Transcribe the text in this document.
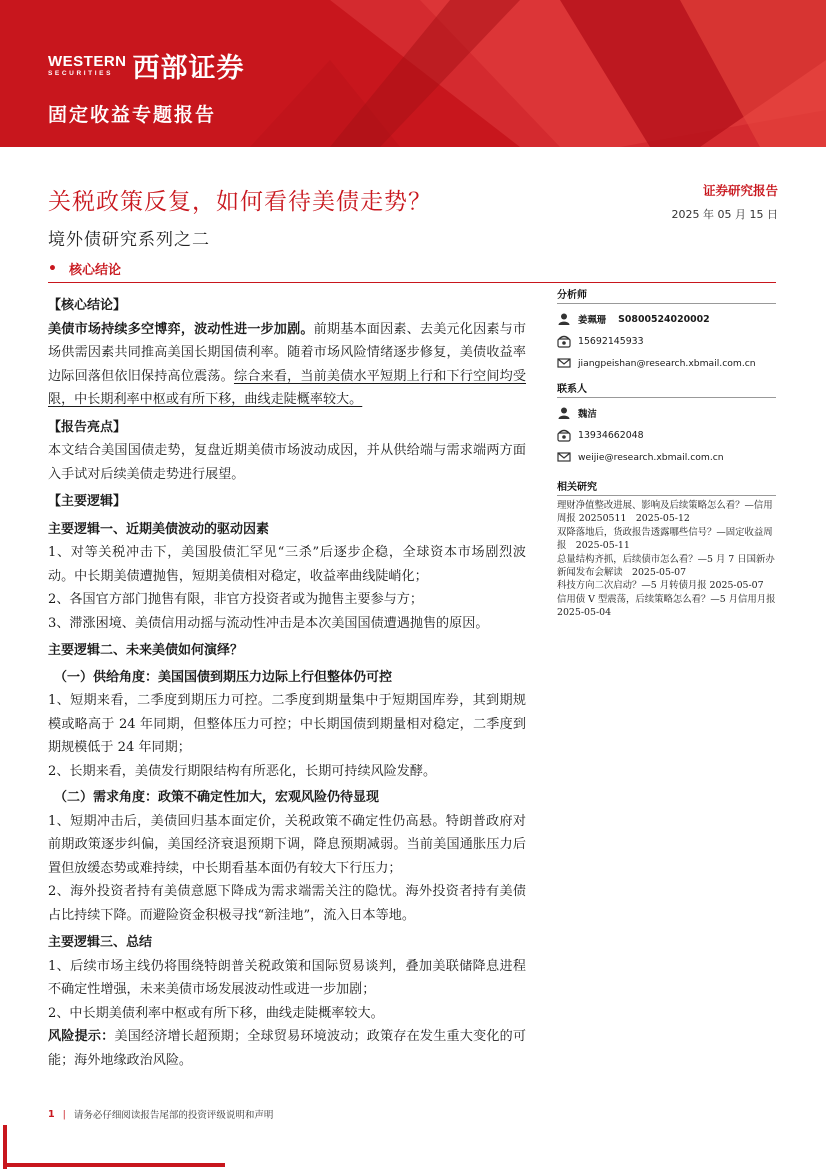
WESTERN
SECURITIES 西部证券
固定收益专题报告
关税政策反复，如何看待美债走势？
境外债研究系列之二
证券研究报告
2025 年 05 月 15 日
• 核心结论
【核心结论】

美债市场持续多空博弈，波动性进一步加剧。前期基本面因素、去美元化因素与市场供需因素共同推高美国长期国债利率。随着市场风险情绪逐步修复，美债收益率边际回落但依旧保持高位震荡。综合来看，当前美债水平短期上行和下行空间均受限，中长期利率中枢或有所下移，曲线走陡概率较大。

【报告亮点】

本文结合美国国债走势，复盘近期美债市场波动成因，并从供给端与需求端两方面入手试对后续美债走势进行展望。

【主要逻辑】
主要逻辑一、近期美债波动的驱动因素

1、对等关税冲击下，美国股债汇罕见“三杀”后逐步企稳，全球资本市场剧烈波动。中长期美债遭抛售，短期美债相对稳定，收益率曲线陡峭化；

2、各国官方部门抛售有限，非官方投资者或为抛售主要参与方；

3、滞涨困境、美债信用动摇与流动性冲击是本次美国国债遭遇抛售的原因。

主要逻辑二、未来美债如何演绎？
（一）供给角度：美国国债到期压力边际上行但整体仍可控

1、短期来看，二季度到期压力可控。二季度到期量集中于短期国库券，其到期规模或略高于 24 年同期，但整体压力可控；中长期国债到期量相对稳定，二季度到期规模低于 24 年同期；

2、长期来看，美债发行期限结构有所恶化，长期可持续风险发酵。

（二）需求角度：政策不确定性加大，宏观风险仍待显现

1、短期冲击后，美债回归基本面定价，关税政策不确定性仍高悬。特朗普政府对前期政策逐步纠偏，美国经济衰退预期下调，降息预期减弱。当前美国通胀压力后置但放缓态势或难持续，中长期看基本面仍有较大下行压力；

2、海外投资者持有美债意愿下降成为需求端需关注的隐忧。海外投资者持有美债占比持续下降。而避险资金积极寻找“新洼地”，流入日本等地。

主要逻辑三、总结

1、后续市场主线仍将围绕特朗普关税政策和国际贸易谈判，叠加美联储降息进程不确定性增强，未来美债市场发展波动性或进一步加剧；

2、中长期美债利率中枢或有所下移，曲线走陡概率较大。

风险提示：美国经济增长超预期；全球贸易环境波动；政策存在发生重大变化的可能；海外地缘政治风险。

分析师
姜珮珊 S0800524020002
15692145933
jiangpeishan@research.xbmail.com.cn
联系人
魏洁
13934662048
weijie@research.xbmail.com.cn
相关研究
理财净值整改进展、影响及后续策略怎么看？—信用周报 20250511　2025-05-12
双降落地后，货政报告透露哪些信号？—固定收益周报　2025-05-11
总量结构齐抓，后续债市怎么看？—5 月 7 日国新办新闻发布会解读　2025-05-07
科技方向二次启动？—5 月转债月报 2025-05-07
信用债 V 型震荡，后续策略怎么看？—5 月信用月报　2025-05-04
1 | 请务必仔细阅读报告尾部的投资评级说明和声明
